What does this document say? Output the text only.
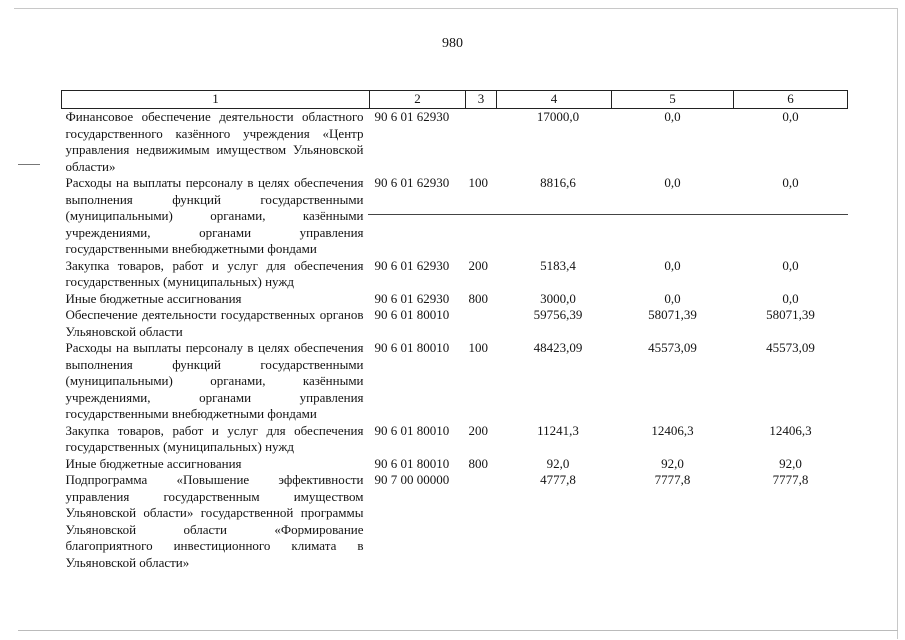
980
1	2	3	4	5	6
Финансовое обеспечение деятельности областного государственного казённого учреждения «Центр управления недвижимым имуществом Ульяновской области»	90 6 01 62930		17000,0	0,0	0,0
Расходы на выплаты персоналу в целях обеспечения выполнения функций государственными (муниципальными) органами, казёнными учреждениями, органами управления государственными внебюджетными фондами	90 6 01 62930	100	8816,6	0,0	0,0
Закупка товаров, работ и услуг для обеспечения государственных (муниципальных) нужд	90 6 01 62930	200	5183,4	0,0	0,0
Иные бюджетные ассигнования	90 6 01 62930	800	3000,0	0,0	0,0
Обеспечение деятельности государственных органов Ульяновской области	90 6 01 80010		59756,39	58071,39	58071,39
Расходы на выплаты персоналу в целях обеспечения выполнения функций государственными (муниципальными) органами, казёнными учреждениями, органами управления государственными внебюджетными фондами	90 6 01 80010	100	48423,09	45573,09	45573,09
Закупка товаров, работ и услуг для обеспечения государственных (муниципальных) нужд	90 6 01 80010	200	11241,3	12406,3	12406,3
Иные бюджетные ассигнования	90 6 01 80010	800	92,0	92,0	92,0
Подпрограмма «Повышение эффективности управления государственным имуществом Ульяновской области» государственной программы Ульяновской области «Формирование благоприятного инвестиционного климата в Ульяновской области»	90 7 00 00000		4777,8	7777,8	7777,8
